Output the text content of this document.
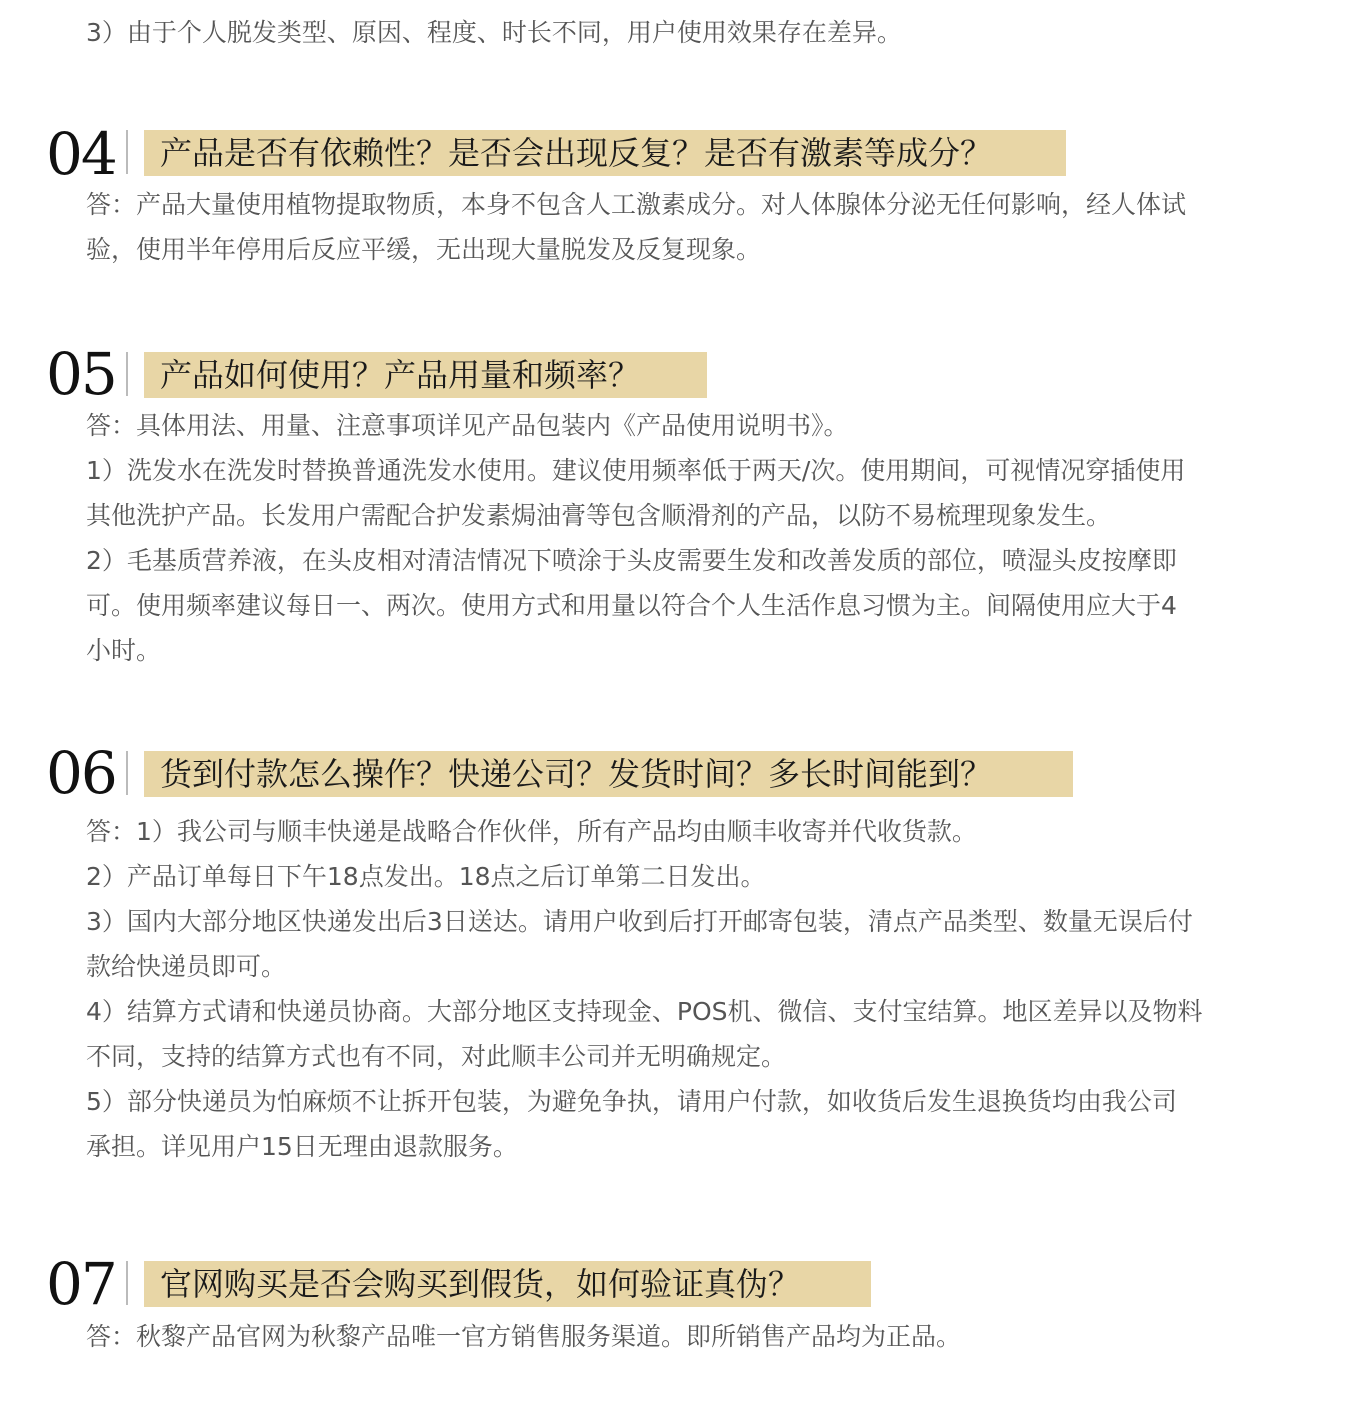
3）由于个人脱发类型、原因、程度、时长不同，用户使用效果存在差异。
04	产品是否有依赖性？是否会出现反复？是否有激素等成分？
答：产品大量使用植物提取物质，本身不包含人工激素成分。对人体腺体分泌无任何影响，经人体试
验，使用半年停用后反应平缓，无出现大量脱发及反复现象。
05	产品如何使用？产品用量和频率？
答：具体用法、用量、注意事项详见产品包装内《产品使用说明书》。
1）洗发水在洗发时替换普通洗发水使用。建议使用频率低于两天/次。使用期间，可视情况穿插使用
其他洗护产品。长发用户需配合护发素焗油膏等包含顺滑剂的产品，以防不易梳理现象发生。
2）毛基质营养液，在头皮相对清洁情况下喷涂于头皮需要生发和改善发质的部位，喷湿头皮按摩即
可。使用频率建议每日一、两次。使用方式和用量以符合个人生活作息习惯为主。间隔使用应大于4
小时。
06	货到付款怎么操作？快递公司？发货时间？多长时间能到？
答：1）我公司与顺丰快递是战略合作伙伴，所有产品均由顺丰收寄并代收货款。
2）产品订单每日下午18点发出。18点之后订单第二日发出。
3）国内大部分地区快递发出后3日送达。请用户收到后打开邮寄包装，清点产品类型、数量无误后付
款给快递员即可。
4）结算方式请和快递员协商。大部分地区支持现金、POS机、微信、支付宝结算。地区差异以及物料
不同，支持的结算方式也有不同，对此顺丰公司并无明确规定。
5）部分快递员为怕麻烦不让拆开包装，为避免争执，请用户付款，如收货后发生退换货均由我公司
承担。详见用户15日无理由退款服务。
07	官网购买是否会购买到假货，如何验证真伪？
答：秋黎产品官网为秋黎产品唯一官方销售服务渠道。即所销售产品均为正品。
